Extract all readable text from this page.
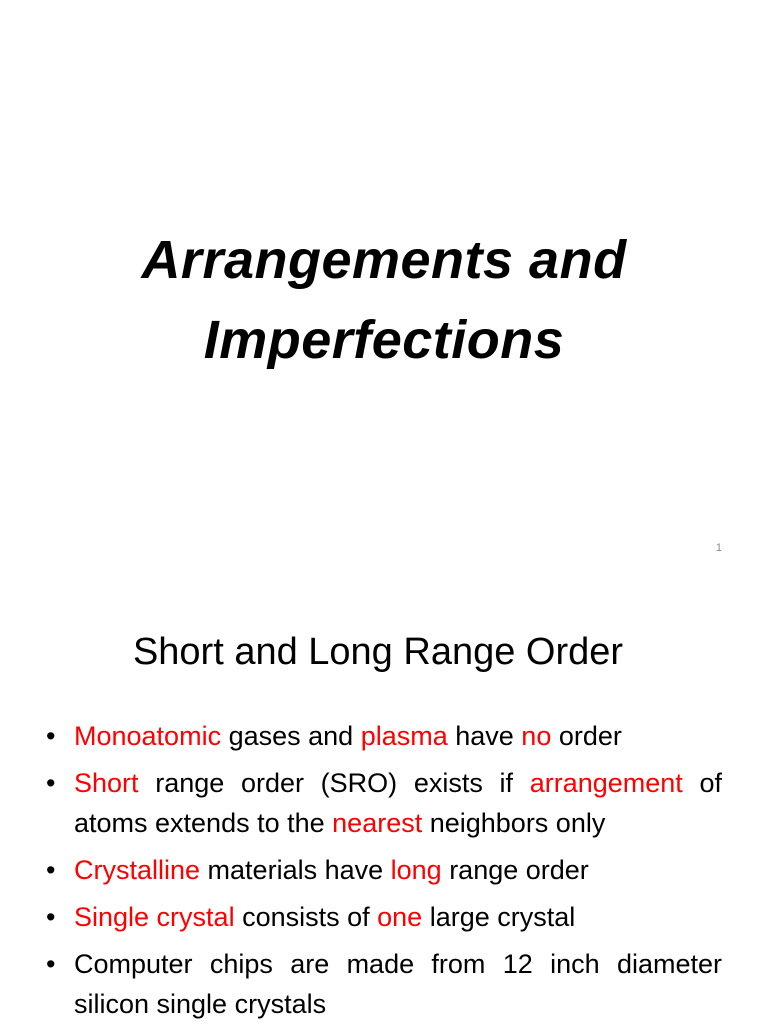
Arrangements and
Imperfections
1
Short and Long Range Order
• Monoatomic gases and plasma have no order
• Short range order (SRO) exists if arrangement of atoms extends to the nearest neighbors only
• Crystalline materials have long range order
• Single crystal consists of one large crystal
• Computer chips are made from 12 inch diameter silicon single crystals
